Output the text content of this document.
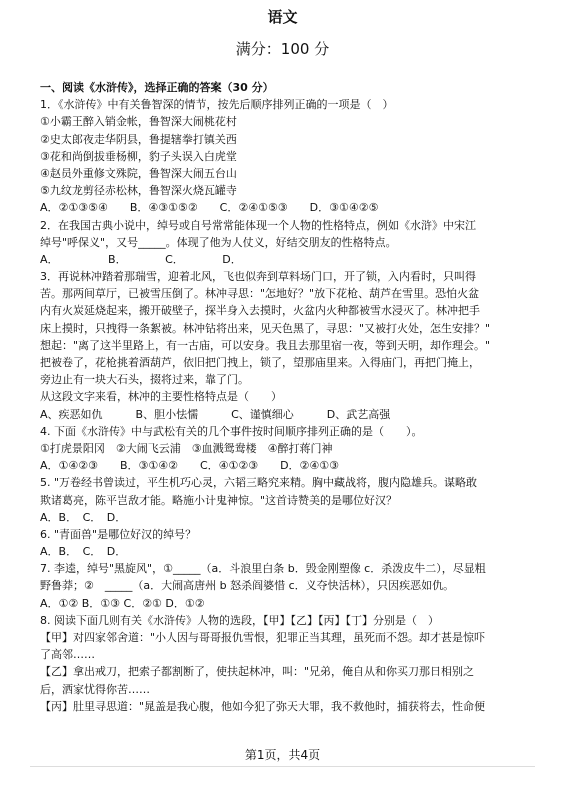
语文
满分：100 分
一、阅读《水浒传》，选择正确的答案（30 分）
1．《水浒传》中有关鲁智深的情节，按先后顺序排列正确的一项是（　）
①小霸王醉入销金帐，鲁智深大闹桃花村
②史太郎夜走华阴县，鲁提辖拳打镇关西
③花和尚倒拔垂杨柳，豹子头误入白虎堂
④赵员外重修文殊院，鲁智深大闹五台山
⑤九纹龙剪径赤松林，鲁智深火烧瓦罐寺
A．②①③⑤④　　B．④③①⑤②　　C．②④①⑤③　　D．③①④②⑤
2．在我国古典小说中，绰号或自号常常能体现一个人物的性格特点，例如《水浒》中宋江
绰号"呼保义"，又号_____。体现了他为人仗义，好结交朋友的性格特点。
A．　　　　　B．　　　　C．　　　　D．
3．再说林冲踏着那瑞雪，迎着北风，飞也似奔到草料场门口，开了锁，入内看时，只叫得
苦。那两间草厅，已被雪压倒了。林冲寻思："怎地好？"放下花枪、葫芦在雪里。恐怕火盆
内有火炭延烧起来，搬开破壁子，探半身入去摸时，火盆内火种都被雪水浸灭了。林冲把手
床上摸时，只拽得一条絮被。林冲钻将出来，见天色黑了，寻思："又被打火处，怎生安排？"
想起："离了这半里路上，有一古庙，可以安身。我且去那里宿一夜，等到天明，却作理会。"
把被卷了，花枪挑着酒葫芦，依旧把门拽上，锁了，望那庙里来。入得庙门，再把门掩上，
旁边止有一块大石头，掇将过来，靠了门。
从这段文字来看，林冲的主要性格特点是（　　）
A、疾恶如仇　　　B、胆小怯懦　　　C、谨慎细心　　　D、武艺高强
4. 下面《水浒传》中与武松有关的几个事件按时间顺序排列正确的是（　　）。
①打虎景阳冈　②大闹飞云浦　③血溅鸳鸯楼　④醉打蒋门神
A．①④②③　　B．③①④②　　C．④①②③　　D．②④①③
5. "万卷经书曾读过，平生机巧心灵，六韬三略究来精。胸中藏战将，腹内隐雄兵。谋略敢
欺诸葛亮，陈平岂敌才能。略施小计鬼神惊。"这首诗赞美的是哪位好汉？
A．B．　C．　D．
6. "青面兽"是哪位好汉的绰号？
A．B．　C．　D．
7. 李逵，绰号"黑旋风"，①_____（a．斗浪里白条 b．毁金刚塑像 c．杀泼皮牛二），尽显粗
野鲁莽；②　_____（a．大闹高唐州 b 怒杀阎婆惜 c．义夺快活林），只因疾恶如仇。
A．①② B．①③ C．②① D．①②
8. 阅读下面几则有关《水浒传》人物的选段，【甲】【乙】【丙】【丁】分别是（　）
【甲】对四家邻舍道："小人因与哥哥报仇雪恨，犯罪正当其理，虽死而不怨。却才甚是惊吓
了高邻……
【乙】拿出戒刀，把索子都割断了，使扶起林冲，叫："兄弟，俺自从和你买刀那日相别之
后，洒家忧得你苦……
【丙】肚里寻思道："晁盖是我心腹，他如今犯了弥天大罪，我不救他时，捕获将去，性命便
第1页，共4页
